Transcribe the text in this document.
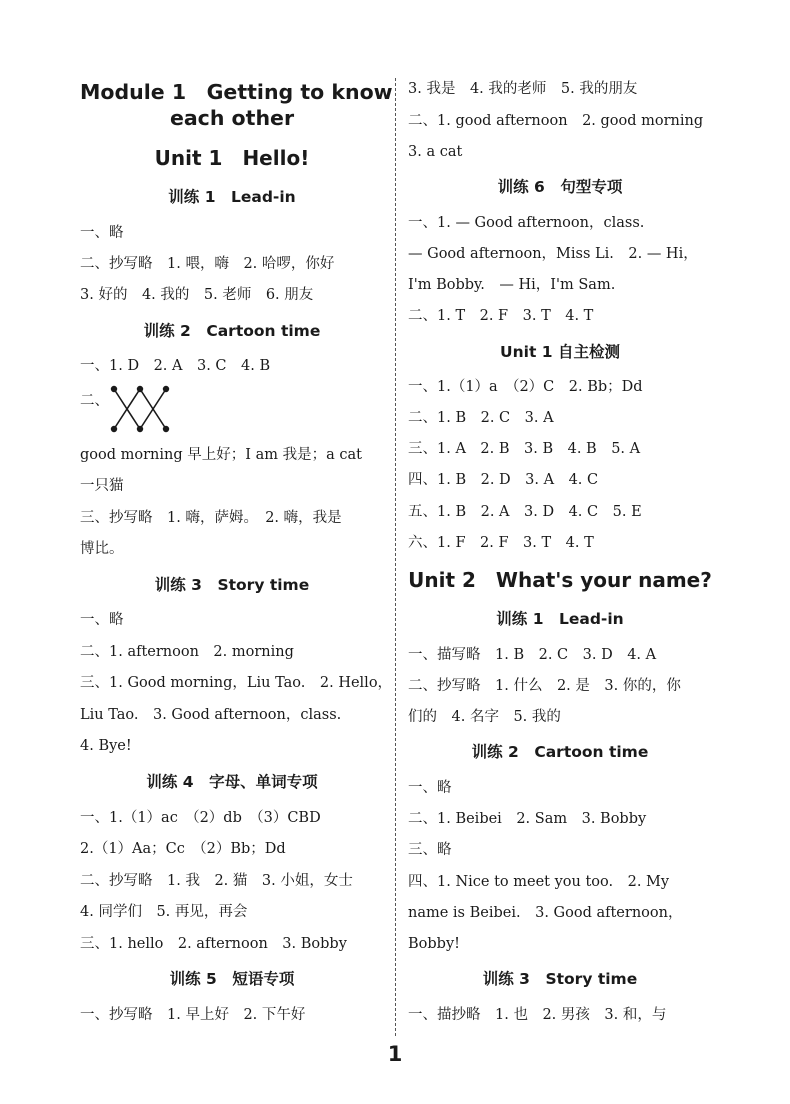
Module 1　Getting to know
each other
Unit 1　Hello!
训练 1　Lead-in
一、略
二、抄写略　1. 喂，嗨　2. 哈啰，你好
3. 好的　4. 我的　5. 老师　6. 朋友
训练 2　Cartoon time
一、1. D　2. A　3. C　4. B
二、
good morning 早上好；I am 我是；a cat
一只猫
三、抄写略　1. 嗨，萨姆。　2. 嗨，我是
博比。
训练 3　Story time
一、略
二、1. afternoon　2. morning
三、1. Good morning，Liu Tao.　2. Hello，
Liu Tao.　3. Good afternoon，class.
4. Bye!
训练 4　字母、单词专项
一、1.（1）ac　（2）db　（3）CBD
2.（1）Aa；Cc　（2）Bb；Dd
二、抄写略　1. 我　2. 猫　3. 小姐，女士
4. 同学们　5. 再见，再会
三、1. hello　2. afternoon　3. Bobby
训练 5　短语专项
一、抄写略　1. 早上好　2. 下午好
3. 我是　4. 我的老师　5. 我的朋友
二、1. good afternoon　2. good morning
3. a cat
训练 6　句型专项
一、1. — Good afternoon，class.
— Good afternoon，Miss Li.　2. — Hi，
I'm Bobby.　— Hi，I'm Sam.
二、1. T　2. F　3. T　4. T
Unit 1 自主检测
一、1.（1）a　（2）C　2. Bb；Dd
二、1. B　2. C　3. A
三、1. A　2. B　3. B　4. B　5. A
四、1. B　2. D　3. A　4. C
五、1. B　2. A　3. D　4. C　5. E
六、1. F　2. F　3. T　4. T
Unit 2　What's your name?
训练 1　Lead-in
一、描写略　1. B　2. C　3. D　4. A
二、抄写略　1. 什么　2. 是　3. 你的，你
们的　4. 名字　5. 我的
训练 2　Cartoon time
一、略
二、1. Beibei　2. Sam　3. Bobby
三、略
四、1. Nice to meet you too.　2. My
name is Beibei.　3. Good afternoon，
Bobby!
训练 3　Story time
一、描抄略　1. 也　2. 男孩　3. 和，与
1
